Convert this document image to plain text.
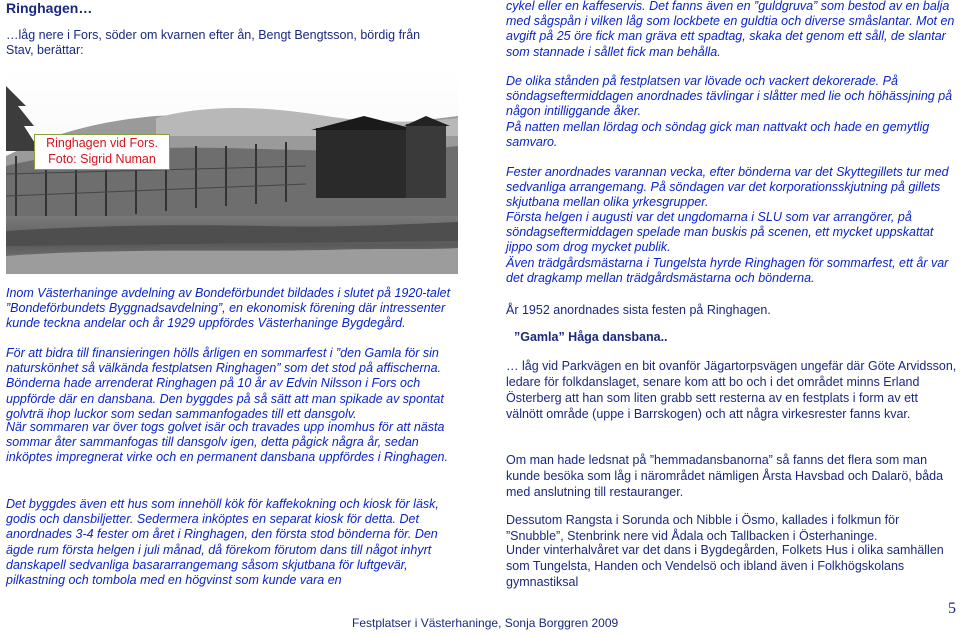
Ringhagen…

…låg nere i Fors, söder om kvarnen efter ån, Bengt Bengtsson, bördig från Stav, berättar:

Ringhagen vid Fors.
Foto: Sigrid Numan

Inom Västerhaninge avdelning av Bondeförbundet bildades i slutet på 1920-talet ”Bondeförbundets Byggnadsavdelning”, en ekonomisk förening där intressenter kunde teckna andelar och år 1929 uppfördes Västerhaninge Bygdegård.

För att bidra till finansieringen hölls årligen en sommarfest i ”den Gamla för sin naturskönhet så välkända festplatsen Ringhagen” som det stod på affischerna. Bönderna hade arrenderat Ringhagen på 10 år av Edvin Nilsson i Fors och uppförde där en dansbana. Den byggdes på så sätt att man spikade av spontat golvträ ihop luckor som sedan sammanfogades till ett dansgolv.

När sommaren var över togs golvet isär och travades upp inomhus för att nästa sommar åter sammanfogas till dansgolv igen, detta pågick några år, sedan inköptes impregnerat virke och en permanent dansbana uppfördes i Ringhagen.

Det byggdes även ett hus som innehöll kök för kaffekokning och kiosk för läsk, godis och dansbiljetter. Sedermera inköptes en separat kiosk för detta. Det anordnades 3-4 fester om året i Ringhagen, den första stod bönderna för. Den ägde rum första helgen i juli månad, då förekom förutom dans till något inhyrt danskapell sedvanliga basararrangemang såsom skjutbana för luftgevär, pilkastning och tombola med en högvinst som kunde vara en

cykel eller en kaffeservis. Det fanns även en ”guldgruva” som bestod av en balja med sågspån i vilken låg som lockbete en guldtia och diverse småslantar. Mot en avgift på 25 öre fick man gräva ett spadtag, skaka det genom ett såll, de slantar som stannade i sållet fick man behålla.

De olika stånden på festplatsen var lövade och vackert dekorerade. På söndagseftermiddagen anordnades tävlingar i slåtter med lie och höhässjning på någon intilliggande åker.

På natten mellan lördag och söndag gick man nattvakt och hade en gemytlig samvaro.

Fester anordnades varannan vecka, efter bönderna var det Skyttegillets tur med sedvanliga arrangemang. På söndagen var det korporationsskjutning på gillets skjutbana mellan olika yrkesgrupper.

Första helgen i augusti var det ungdomarna i SLU som var arrangörer, på söndagseftermiddagen spelade man buskis på scenen, ett mycket uppskattat jippo som drog mycket publik.

Även trädgårdsmästarna i Tungelsta hyrde Ringhagen för sommarfest, ett år var det dragkamp mellan trädgårdsmästarna och bönderna.

År 1952 anordnades sista festen på Ringhagen.

”Gamla” Håga dansbana..

… låg vid Parkvägen en bit ovanför Jägartorpsvägen ungefär där Göte Arvidsson, ledare för folkdanslaget, senare kom att bo och i det området minns Erland Österberg att han som liten grabb sett resterna av en festplats i form av ett välnött område (uppe i Barrskogen) och att några virkesrester fanns kvar.

Om man hade ledsnat på ”hemmadansbanorna” så fanns det flera som man kunde besöka som låg i närområdet nämligen Årsta Havsbad och Dalarö, båda med anslutning till restauranger.

Dessutom Rangsta i Sorunda och Nibble i Ösmo, kallades i folkmun för ”Snubble”, Stenbrink nere vid Ådala och Tallbacken i Österhaninge.

Under vinterhalvåret var det dans i Bygdegården, Folkets Hus i olika samhällen som Tungelsta, Handen och Vendelsö och ibland även i Folkhögskolans gymnastiksal

Festplatser i Västerhaninge, Sonja Borggren 2009
5
